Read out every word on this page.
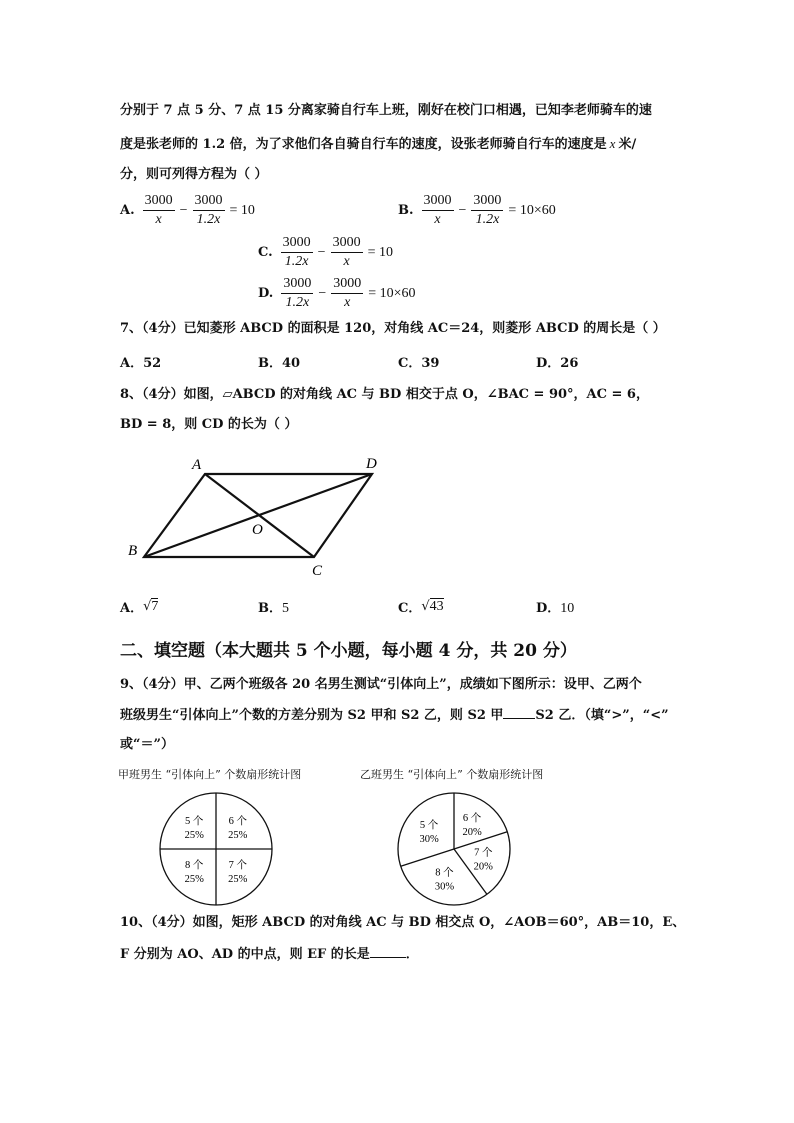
分别于 7 点 5 分、7 点 15 分离家骑自行车上班，刚好在校门口相遇，已知李老师骑车的速
度是张老师的 1.2 倍，为了求他们各自骑自行车的速度，设张老师骑自行车的速度是 x 米/
分，则可列得方程为（ ）
A. $\frac{3000}{x} - \frac{3000}{1.2x} = 10$	B. $\frac{3000}{x} - \frac{3000}{1.2x} = 10\times 60$
C. $\frac{3000}{1.2x} - \frac{3000}{x} = 10$
D. $\frac{3000}{1.2x} - \frac{3000}{x} = 10\times 60$
7、（4分）已知菱形 ABCD 的面积是 120，对角线 AC＝24，则菱形 ABCD 的周长是（ ）
A．52	B．40	C．39	D．26
8、（4分）如图，▱ABCD 的对角线 AC 与 BD 相交于点 O，∠BAC = 90°，AC = 6，
BD = 8，则 CD 的长为（ ）
A	D
B
C
O
A． √ 7	B．5	C． √ 43	D．10
二、填空题（本大题共 5 个小题，每小题 4 分，共 20 分）
9、（4分）甲、乙两个班级各 20 名男生测试“引体向上”，成绩如下图所示：设甲、乙两个
班级男生“引体向上”个数的方差分别为 S2 甲和 S2 乙，则 S2 甲 S2 乙．（填“>”，“<”
或“＝”）
甲班男生 “引体向上” 个数扇形统计图	乙班男生 “引体向上” 个数扇形统计图
6 个
25%
7 个
25%
8 个
25%
5 个
25%
6 个
20%
7 个
20%
8 个
30%
5 个
30%
10、（4分）如图，矩形 ABCD 的对角线 AC 与 BD 相交点 O，∠AOB＝60°，AB＝10，E、
F 分别为 AO、AD 的中点，则 EF 的长是	．
